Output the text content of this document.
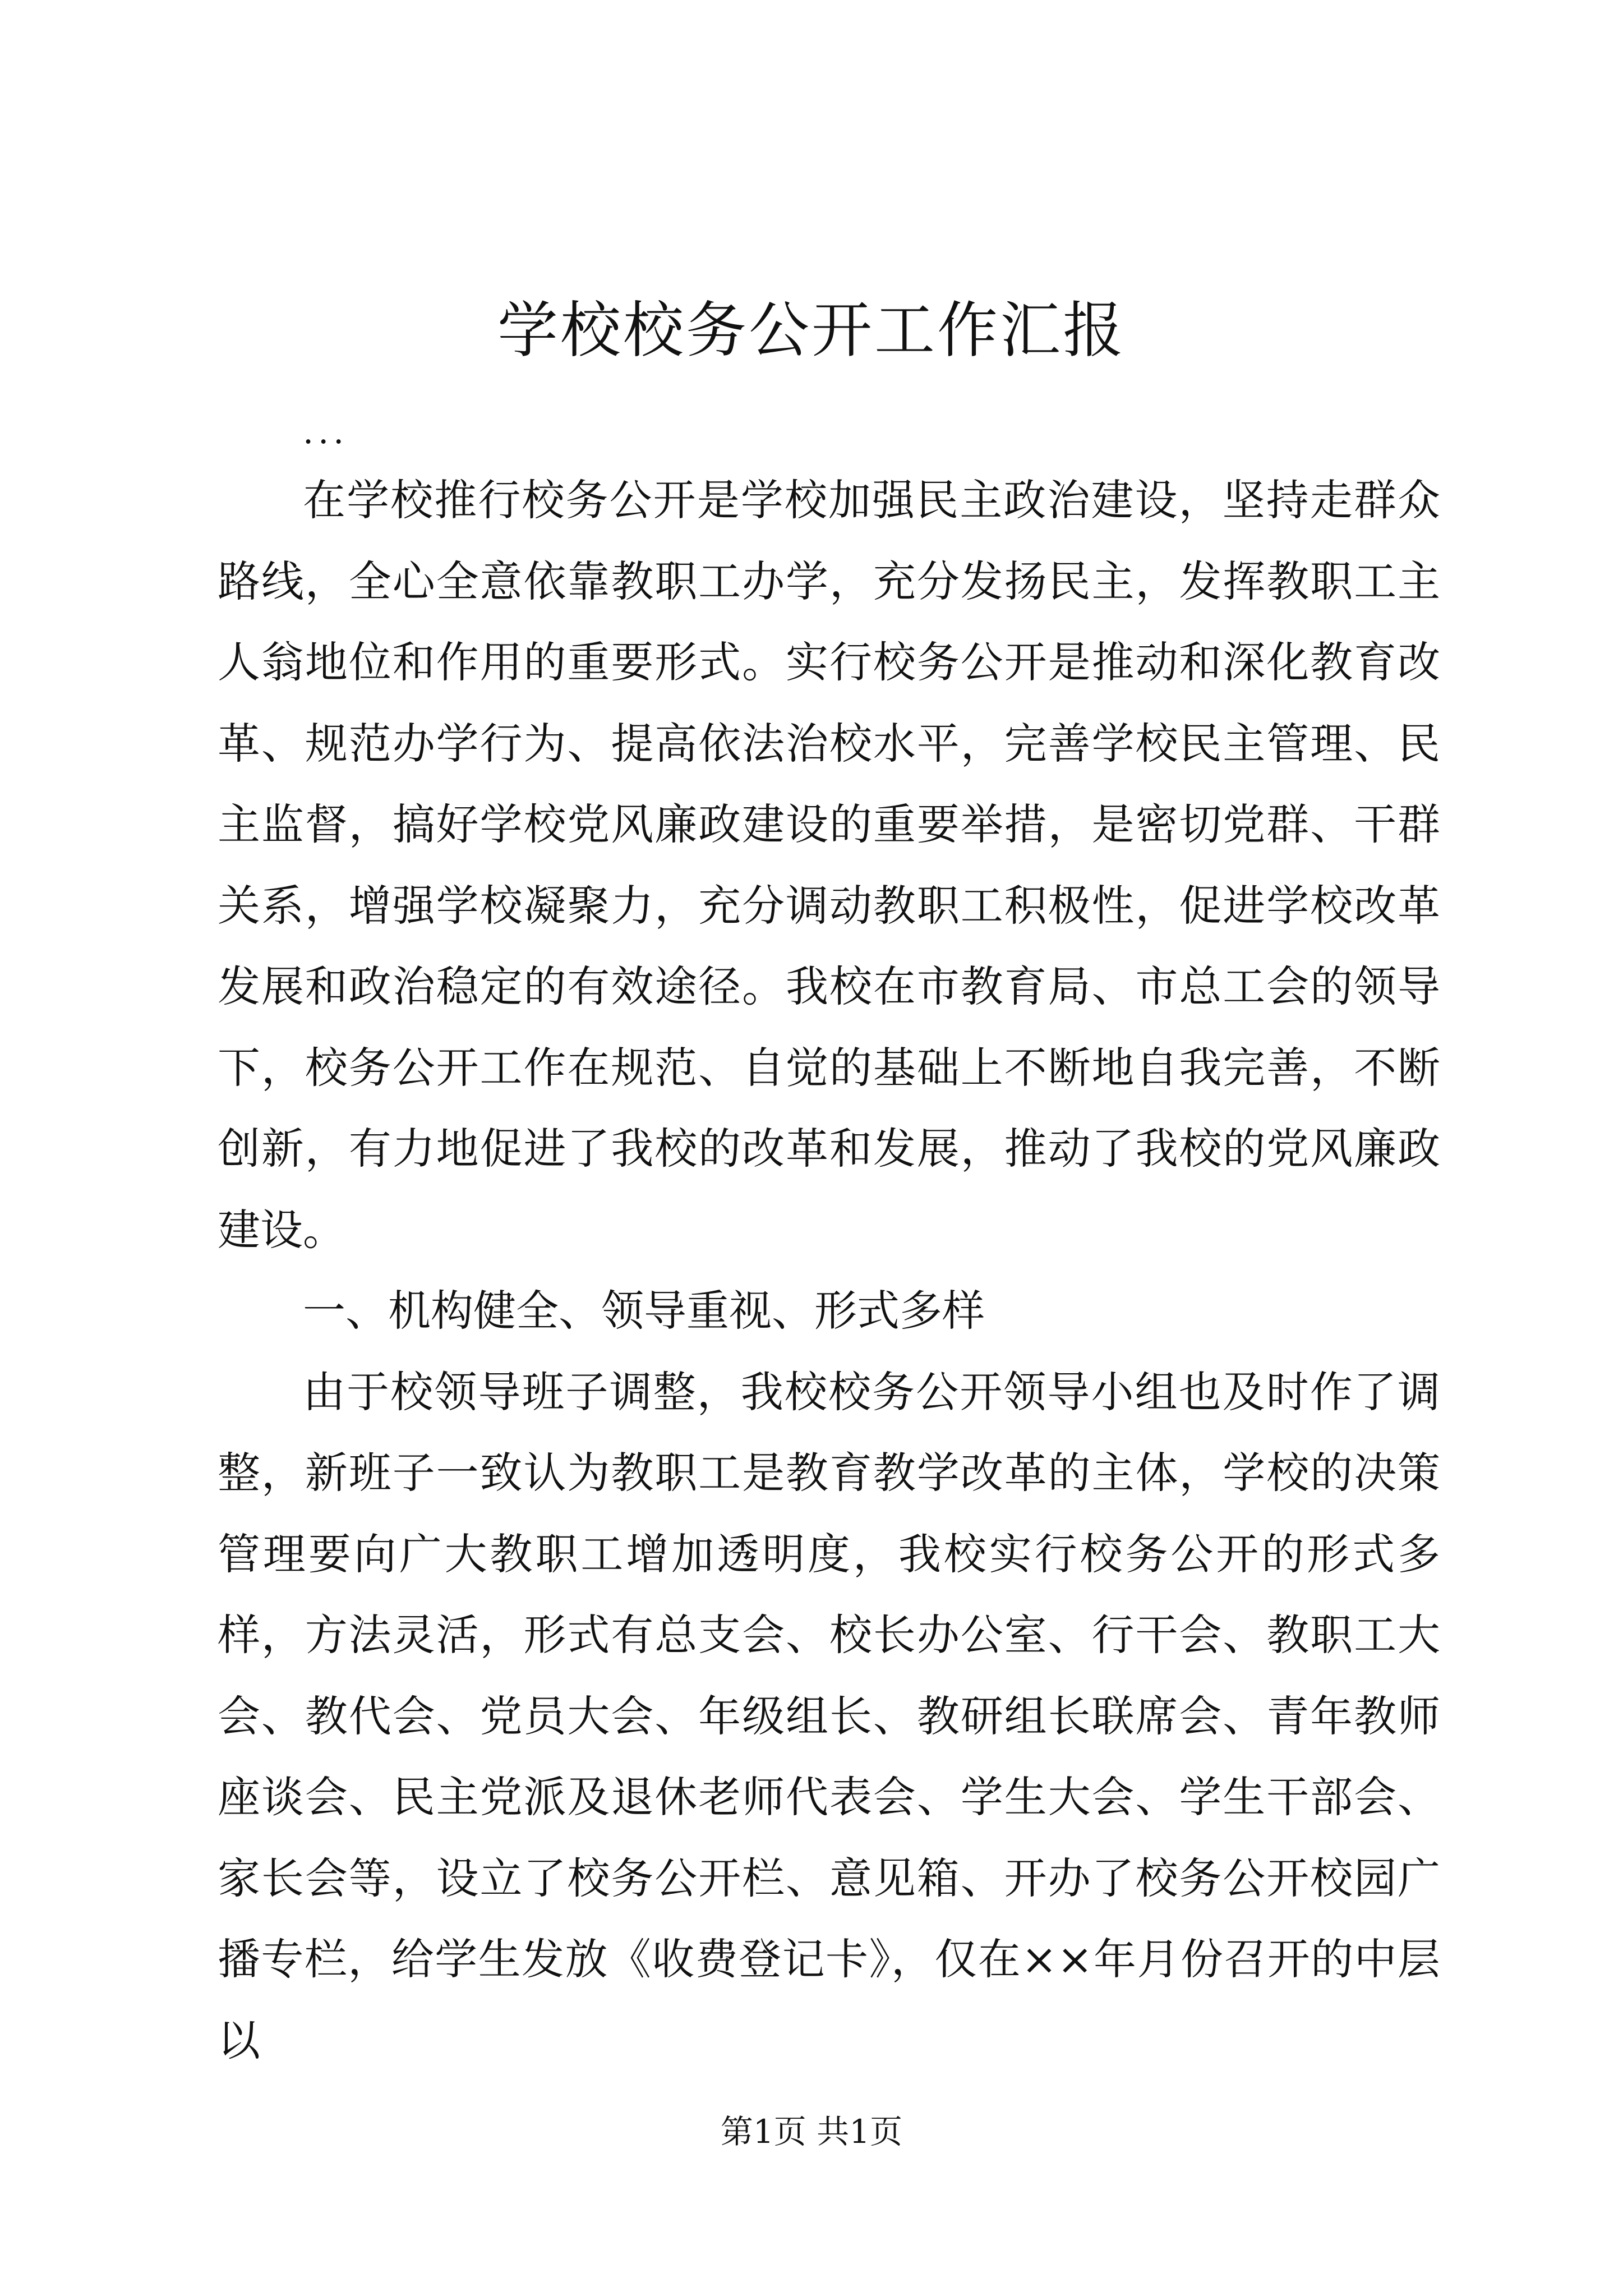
学校校务公开工作汇报
...

在学校推行校务公开是学校加强民主政治建设，坚持走群众路线，全心全意依靠教职工办学，充分发扬民主，发挥教职工主人翁地位和作用的重要形式。实行校务公开是推动和深化教育改革、规范办学行为、提高依法治校水平，完善学校民主管理、民主监督，搞好学校党风廉政建设的重要举措，是密切党群、干群关系，增强学校凝聚力，充分调动教职工积极性，促进学校改革发展和政治稳定的有效途径。我校在市教育局、市总工会的领导下，校务公开工作在规范、自觉的基础上不断地自我完善，不断创新，有力地促进了我校的改革和发展，推动了我校的党风廉政建设。

一、机构健全、领导重视、形式多样

由于校领导班子调整，我校校务公开领导小组也及时作了调整，新班子一致认为教职工是教育教学改革的主体，学校的决策管理要向广大教职工增加透明度，我校实行校务公开的形式多样，方法灵活，形式有总支会、校长办公室、行干会、教职工大会、教代会、党员大会、年级组长、教研组长联席会、青年教师座谈会、民主党派及退休老师代表会、学生大会、学生干部会、家长会等，设立了校务公开栏、意见箱、开办了校务公开校园广播专栏，给学生发放《收费登记卡》，仅在××年月份召开的中层以

第1页 共1页
